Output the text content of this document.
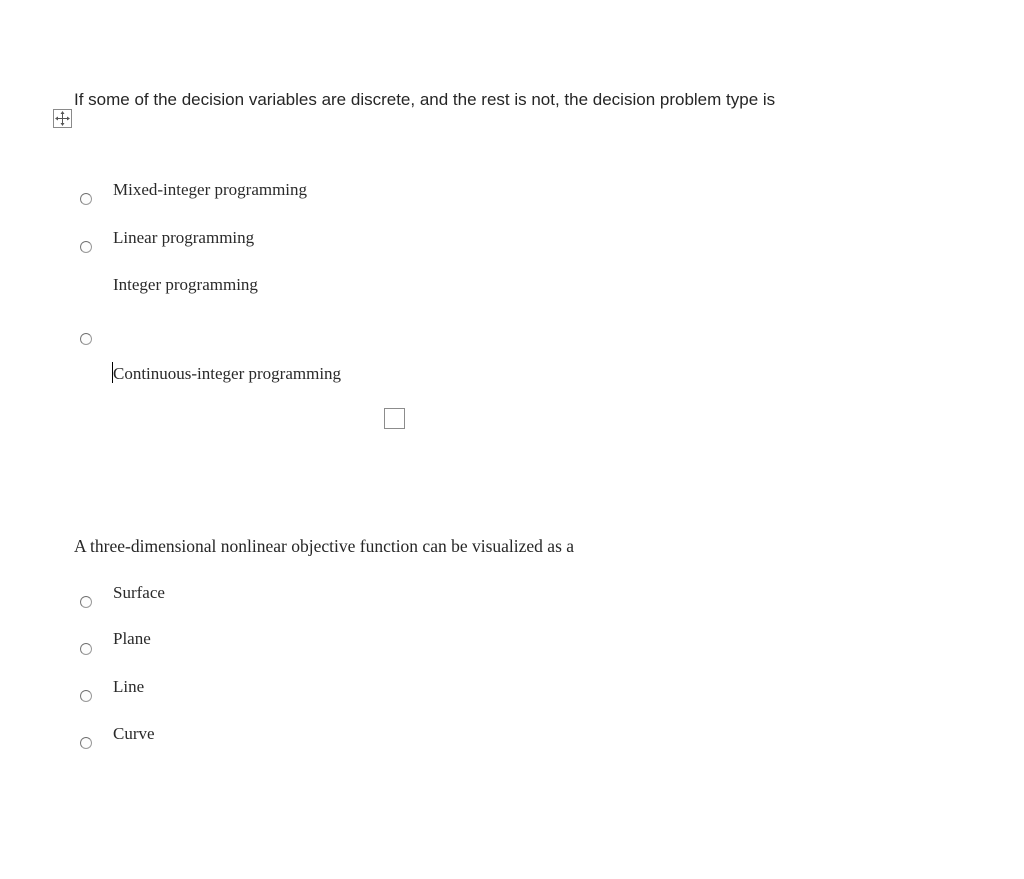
If some of the decision variables are discrete, and the rest is not, the decision problem type is
Mixed-integer programming
Linear programming
Integer programming
Continuous-integer programming
A three-dimensional nonlinear objective function can be visualized as a
Surface
Plane
Line
Curve
